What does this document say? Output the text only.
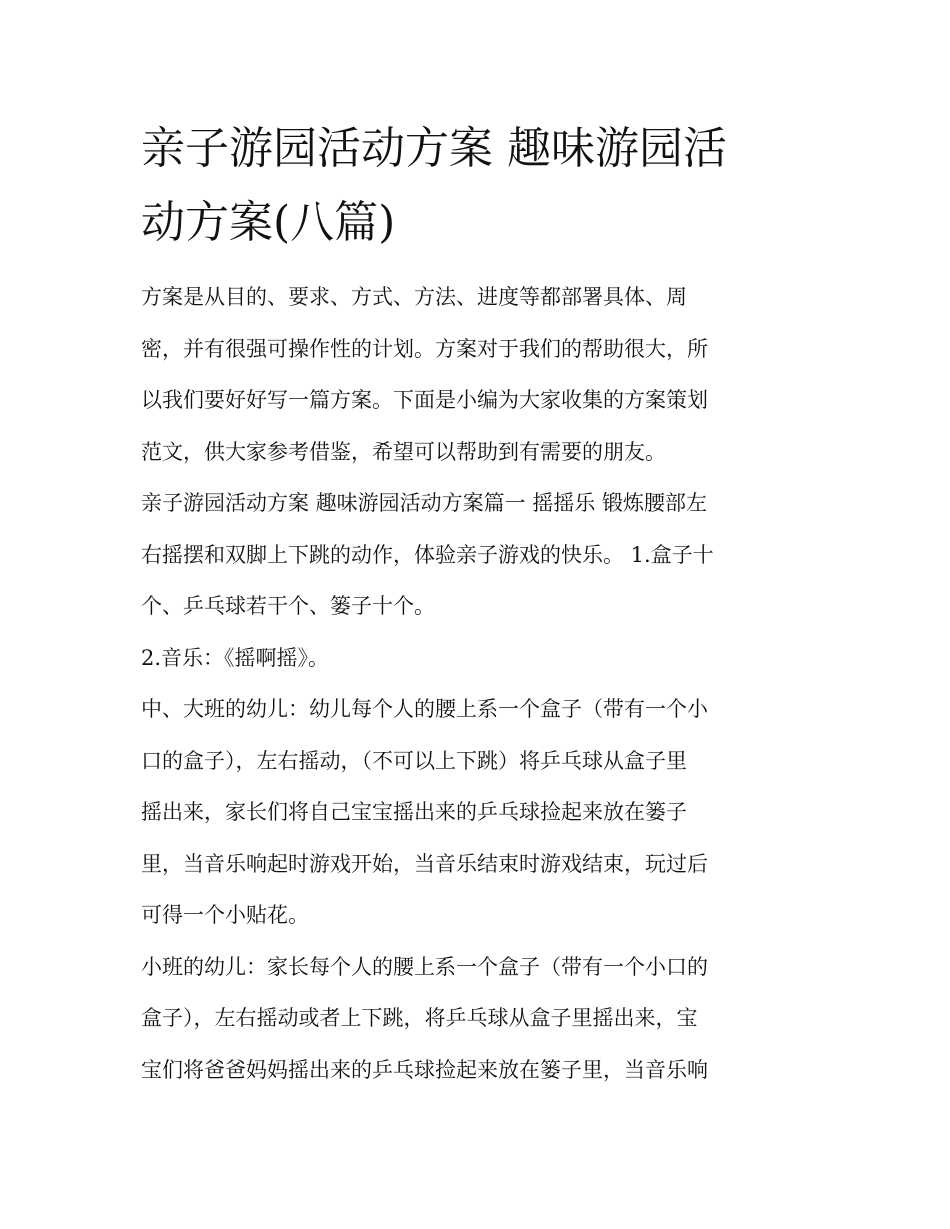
亲子游园活动方案 趣味游园活
动方案(八篇)

方案是从目的、要求、方式、方法、进度等都部署具体、周
密，并有很强可操作性的计划。方案对于我们的帮助很大，所
以我们要好好写一篇方案。下面是小编为大家收集的方案策划
范文，供大家参考借鉴，希望可以帮助到有需要的朋友。

亲子游园活动方案 趣味游园活动方案篇一 摇摇乐 锻炼腰部左
右摇摆和双脚上下跳的动作，体验亲子游戏的快乐。 1.盒子十
个、乒乓球若干个、篓子十个。

2.音乐：《摇啊摇》。

中、大班的幼儿：幼儿每个人的腰上系一个盒子（带有一个小
口的盒子），左右摇动，（不可以上下跳）将乒乓球从盒子里
摇出来，家长们将自己宝宝摇出来的乒乓球捡起来放在篓子
里，当音乐响起时游戏开始，当音乐结束时游戏结束，玩过后
可得一个小贴花。

小班的幼儿：家长每个人的腰上系一个盒子（带有一个小口的
盒子），左右摇动或者上下跳，将乒乓球从盒子里摇出来，宝
宝们将爸爸妈妈摇出来的乒乓球捡起来放在篓子里，当音乐响
